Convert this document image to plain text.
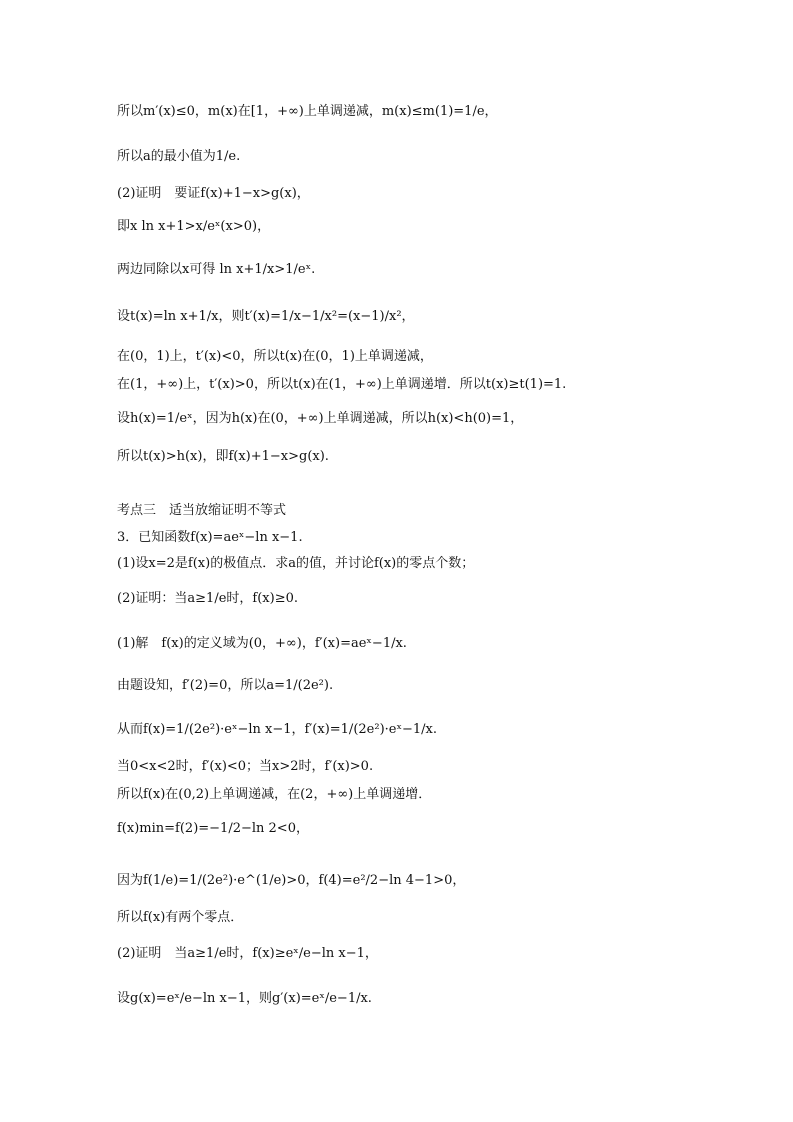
所以m′(x)≤0，m(x)在[1，+∞)上单调递减，m(x)≤m(1)=1/e，
所以a的最小值为1/e.
(2)证明　要证f(x)+1−x>g(x)，
即x ln x+1>x/eˣ(x>0)，
两边同除以x可得 ln x+1/x>1/eˣ.
设t(x)=ln x+1/x，则t′(x)=1/x−1/x²=(x−1)/x²，
在(0，1)上，t′(x)<0，所以t(x)在(0，1)上单调递减，
在(1，+∞)上，t′(x)>0，所以t(x)在(1，+∞)上单调递增．所以t(x)≥t(1)=1.
设h(x)=1/eˣ，因为h(x)在(0，+∞)上单调递减，所以h(x)<h(0)=1，
所以t(x)>h(x)，即f(x)+1−x>g(x).
考点三　适当放缩证明不等式
3．已知函数f(x)=aeˣ−ln x−1.
(1)设x=2是f(x)的极值点．求a的值，并讨论f(x)的零点个数；
(2)证明：当a≥1/e时，f(x)≥0.
(1)解　f(x)的定义域为(0，+∞)，f′(x)=aeˣ−1/x.
由题设知，f′(2)=0，所以a=1/(2e²).
从而f(x)=1/(2e²)·eˣ−ln x−1，f′(x)=1/(2e²)·eˣ−1/x.
当0<x<2时，f′(x)<0；当x>2时，f′(x)>0.
所以f(x)在(0,2)上单调递减，在(2，+∞)上单调递增．
f(x)min=f(2)=−1/2−ln 2<0，
因为f(1/e)=1/(2e²)·e^(1/e)>0，f(4)=e²/2−ln 4−1>0，
所以f(x)有两个零点．
(2)证明　当a≥1/e时，f(x)≥eˣ/e−ln x−1，
设g(x)=eˣ/e−ln x−1，则g′(x)=eˣ/e−1/x.
